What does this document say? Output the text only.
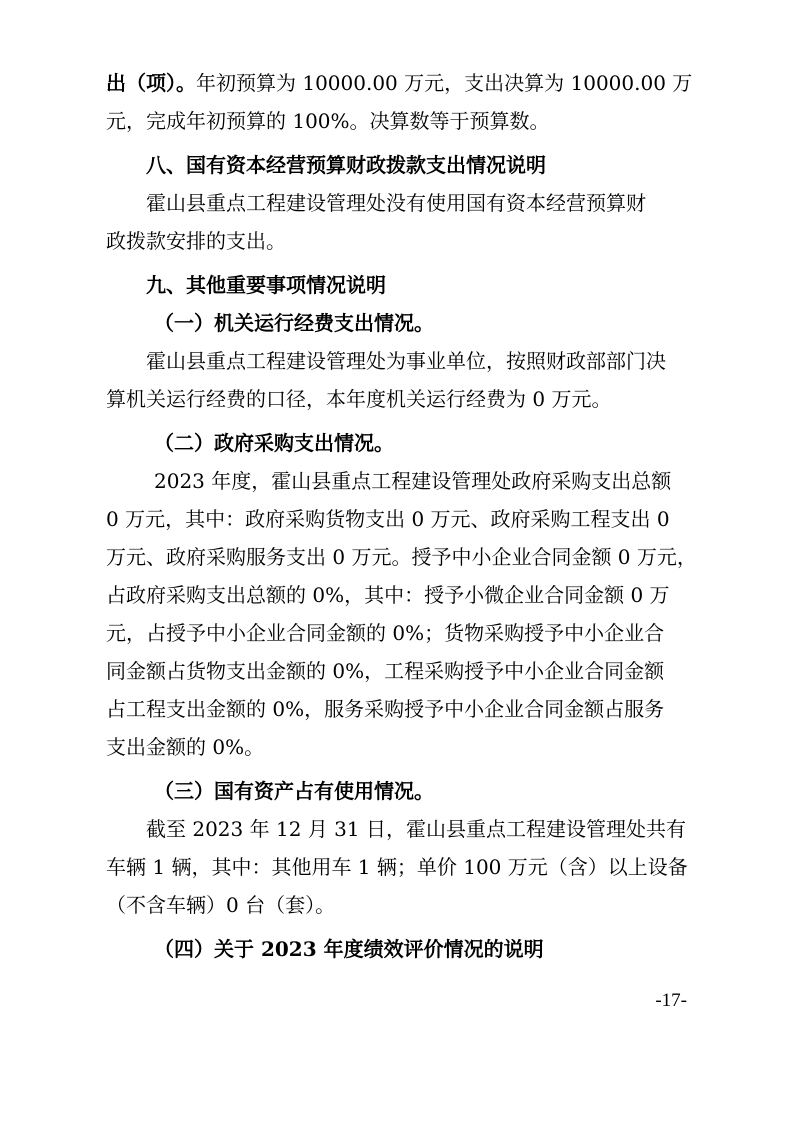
出（项）。年初预算为 10000.00 万元，支出决算为 10000.00 万
元，完成年初预算的 100%。决算数等于预算数。
八、国有资本经营预算财政拨款支出情况说明
霍山县重点工程建设管理处没有使用国有资本经营预算财
政拨款安排的支出。
九、其他重要事项情况说明
（一）机关运行经费支出情况。
霍山县重点工程建设管理处为事业单位，按照财政部部门决
算机关运行经费的口径，本年度机关运行经费为 0 万元。
（二）政府采购支出情况。
2023 年度，霍山县重点工程建设管理处政府采购支出总额
0 万元，其中：政府采购货物支出 0 万元、政府采购工程支出 0
万元、政府采购服务支出 0 万元。授予中小企业合同金额 0 万元，
占政府采购支出总额的 0%，其中：授予小微企业合同金额 0 万
元，占授予中小企业合同金额的 0%；货物采购授予中小企业合
同金额占货物支出金额的 0%，工程采购授予中小企业合同金额
占工程支出金额的 0%，服务采购授予中小企业合同金额占服务
支出金额的 0%。
（三）国有资产占有使用情况。
截至 2023 年 12 月 31 日，霍山县重点工程建设管理处共有
车辆 1 辆，其中：其他用车 1 辆；单价 100 万元（含）以上设备
（不含车辆）0 台（套）。
（四）关于 2023 年度绩效评价情况的说明
-17-
